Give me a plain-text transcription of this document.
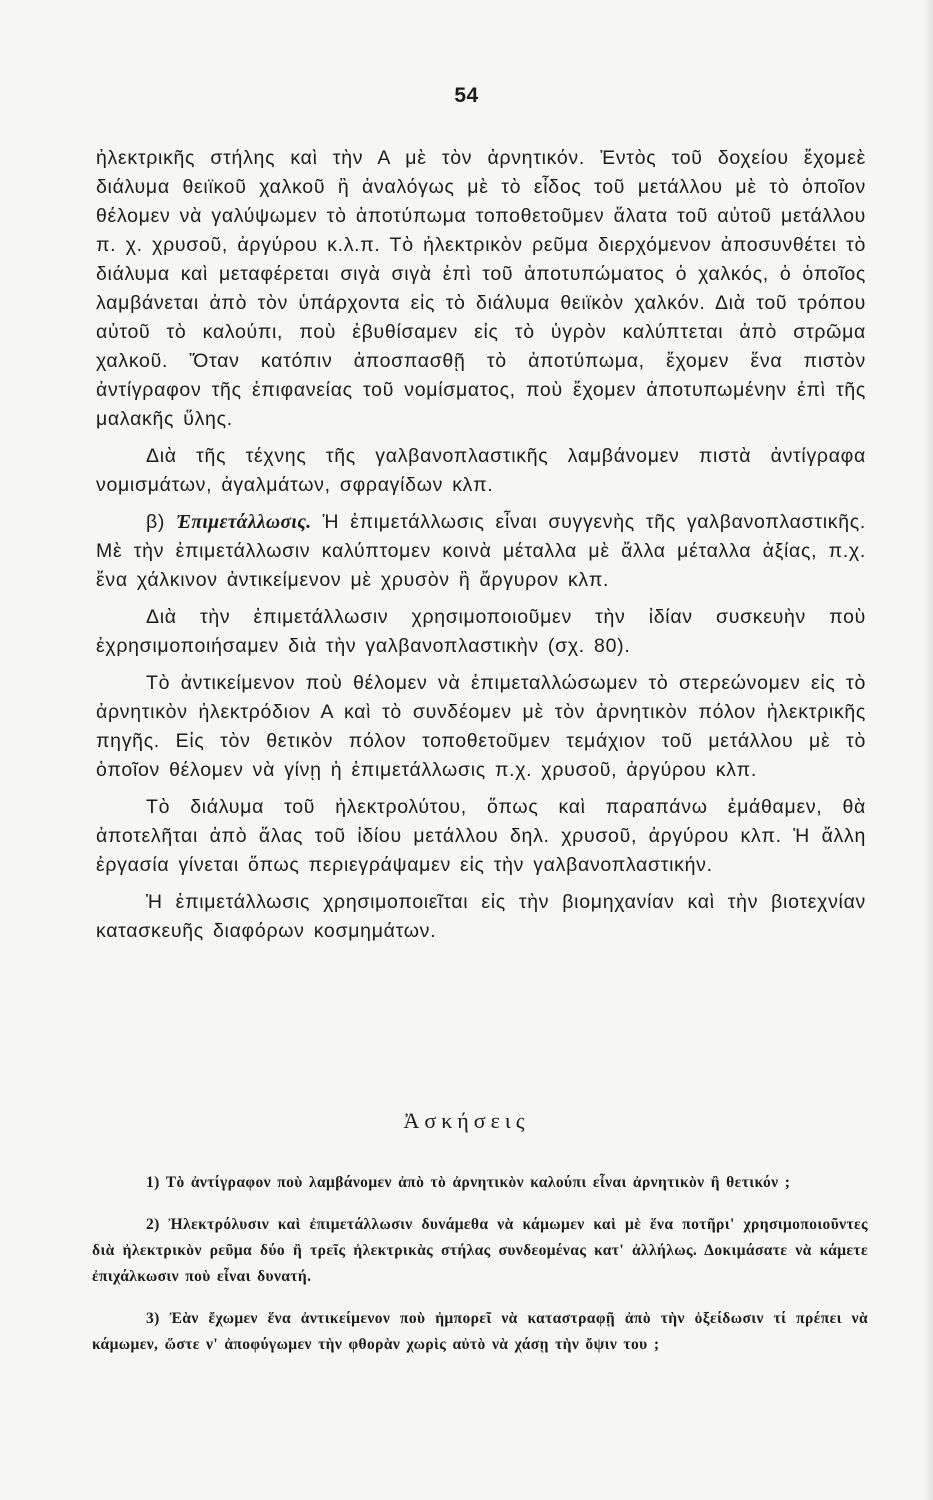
54

ἠλεκτρικῆς στήλης καὶ τὴν Α μὲ τὸν ἀρνητικόν. Ἐντὸς τοῦ δοχείου ἔχομεὲ διάλυμα θειϊκοῦ χαλκοῦ ἢ ἀναλόγως μὲ τὸ εἶδος τοῦ μετάλλου μὲ τὸ ὁποῖον θέλομεν νὰ γαλύψωμεν τὸ ἀποτύπωμα τοποθετοῦμεν ἅλατα τοῦ αὐτοῦ μετάλλου π. χ. χρυσοῦ, ἀργύρου κ.λ.π. Τὸ ἠλεκτρικὸν ρεῦμα διερχόμενον ἀποσυνθέτει τὸ διάλυμα καὶ μεταφέρεται σιγὰ σιγὰ ἐπὶ τοῦ ἀποτυπώματος ὁ χαλκός, ὁ ὁποῖος λαμβάνεται ἀπὸ τὸν ὑπάρχοντα εἰς τὸ διάλυμα θειϊκὸν χαλκόν. Διὰ τοῦ τρόπου αὐτοῦ τὸ καλούπι, ποὺ ἐβυθίσαμεν εἰς τὸ ὑγρὸν καλύπτεται ἀπὸ στρῶμα χαλκοῦ. Ὅταν κατόπιν ἀποσπασθῇ τὸ ἀποτύπωμα, ἔχομεν ἕνα πιστὸν ἀντίγραφον τῆς ἐπιφανείας τοῦ νομίσματος, ποὺ ἔχομεν ἀποτυπωμένην ἐπὶ τῆς μαλακῆς ὕλης.

Διὰ τῆς τέχνης τῆς γαλβανοπλαστικῆς λαμβάνομεν πιστὰ ἀντίγραφα νομισμάτων, ἀγαλμάτων, σφραγίδων κλπ.

β) Ἐπιμετάλλωσις. Ἡ ἐπιμετάλλωσις εἶναι συγγενὴς τῆς γαλβανοπλαστικῆς. Μὲ τὴν ἐπιμετάλλωσιν καλύπτομεν κοινὰ μέταλλα μὲ ἄλλα μέταλλα ἀξίας, π.χ. ἕνα χάλκινον ἀντικείμενον μὲ χρυσὸν ἢ ἄργυρον κλπ.

Διὰ τὴν ἐπιμετάλλωσιν χρησιμοποιοῦμεν τὴν ἰδίαν συσκευὴν ποὺ ἐχρησιμοποιήσαμεν διὰ τὴν γαλβανοπλαστικὴν (σχ. 80).

Τὸ ἀντικείμενον ποὺ θέλομεν νὰ ἐπιμεταλλώσωμεν τὸ στερεώνομεν εἰς τὸ ἀρνητικὸν ἠλεκτρόδιον Α καὶ τὸ συνδέομεν μὲ τὸν ἀρνητικὸν πόλον ἠλεκτρικῆς πηγῆς. Εἰς τὸν θετικὸν πόλον τοποθετοῦμεν τεμάχιον τοῦ μετάλλου μὲ τὸ ὁποῖον θέλομεν νὰ γίνῃ ἡ ἐπιμετάλλωσις π.χ. χρυσοῦ, ἀργύρου κλπ.

Τὸ διάλυμα τοῦ ἠλεκτρολύτου, ὅπως καὶ παραπάνω ἐμάθαμεν, θὰ ἀποτελῆται ἀπὸ ἅλας τοῦ ἰδίου μετάλλου δηλ. χρυσοῦ, ἀργύρου κλπ. Ἡ ἄλλη ἐργασία γίνεται ὅπως περιεγράψαμεν εἰς τὴν γαλβανοπλαστικήν.

Ἡ ἐπιμετάλλωσις χρησιμοποιεῖται εἰς τὴν βιομηχανίαν καὶ τὴν βιοτεχνίαν κατασκευῆς διαφόρων κοσμημάτων.

Ἀσκήσεις

1) Τὸ ἀντίγραφον ποὺ λαμβάνομεν ἀπὸ τὸ ἀρνητικὸν καλούπι εἶναι ἀρνητικὸν ἢ θετικόν ;

2) Ἠλεκτρόλυσιν καὶ ἐπιμετάλλωσιν δυνάμεθα νὰ κάμωμεν καὶ μὲ ἕνα ποτῆρι' χρησιμοποιοῦντες διὰ ἠλεκτρικὸν ρεῦμα δύο ἢ τρεῖς ἠλεκτρικὰς στήλας συνδεομένας κατ' ἀλλήλως. Δοκιμάσατε νὰ κάμετε ἐπιχάλκωσιν ποὺ εἶναι δυνατή.

3) Ἐὰν ἔχωμεν ἕνα ἀντικείμενον ποὺ ἠμπορεῖ νὰ καταστραφῇ ἀπὸ τὴν ὀξείδωσιν τί πρέπει νὰ κάμωμεν, ὥστε ν' ἀποφύγωμεν τὴν φθορὰν χωρὶς αὐτὸ νὰ χάσῃ τὴν ὄψιν του ;
